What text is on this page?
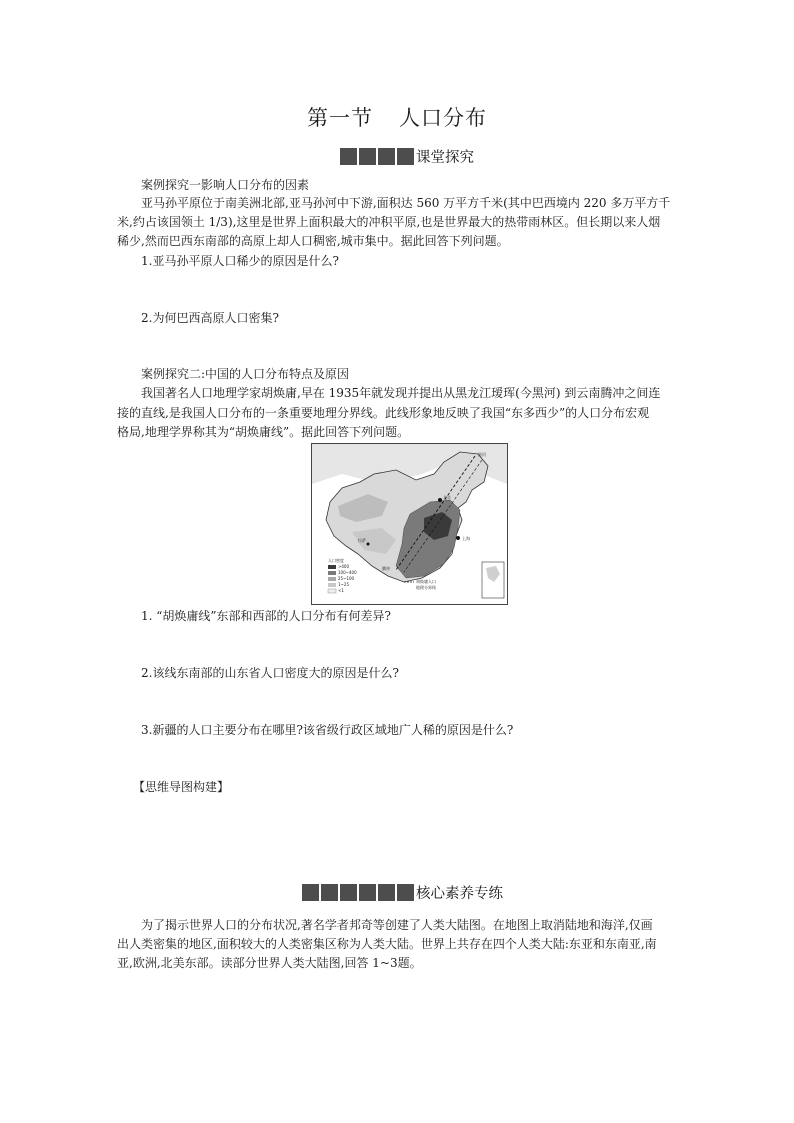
第一节 人口分布
课堂探究
案例探究一影响人口分布的因素
亚马孙平原位于南美洲北部,亚马孙河中下游,面积达 560 万平方千米(其中巴西境内 220 多万平方千
米,约占该国领土 1/3),这里是世界上面积最大的冲积平原,也是世界最大的热带雨林区。但长期以来人烟
稀少,然而巴西东南部的高原上却人口稠密,城市集中。据此回答下列问题。
1.亚马孙平原人口稀少的原因是什么?
2.为何巴西高原人口密集?
案例探究二:中国的人口分布特点及原因
我国著名人口地理学家胡焕庸,早在 1935年就发现并提出从黑龙江瑷珲(今黑河) 到云南腾冲之间连
接的直线,是我国人口分布的一条重要地理分界线。此线形象地反映了我国“东多西少”的人口分布宏观
格局,地理学界称其为“胡焕庸线”。据此回答下列问题。
黑河
腾冲
上海
北京
拉萨
人口密度
>400
100~400
25~100
1~25
<1
胡焕庸人口
地理分界线
1. “胡焕庸线”东部和西部的人口分布有何差异?
2.该线东南部的山东省人口密度大的原因是什么?
3.新疆的人口主要分布在哪里?该省级行政区域地广人稀的原因是什么?
【思维导图构建】
核心素养专练
为了揭示世界人口的分布状况,著名学者邦奇等创建了人类大陆图。在地图上取消陆地和海洋,仅画
出人类密集的地区,面积较大的人类密集区称为人类大陆。世界上共存在四个人类大陆:东亚和东南亚,南
亚,欧洲,北美东部。读部分世界人类大陆图,回答 1~3题。
